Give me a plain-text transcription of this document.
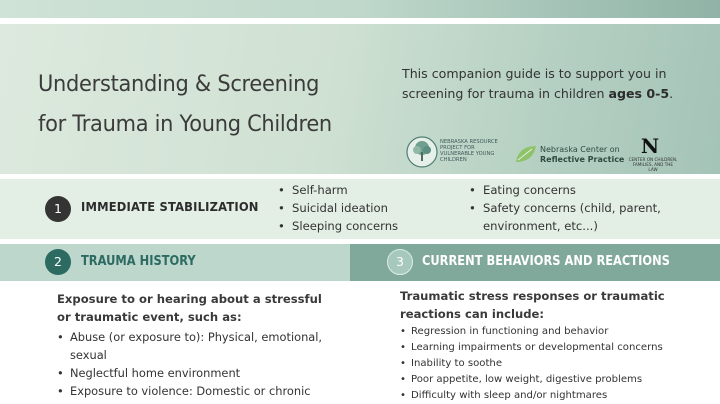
Understanding & Screening
for Trauma in Young Children
This companion guide is to support you in screening for trauma in children ages 0-5.
NEBRASKA RESOURCE PROJECT FOR VULNERABLE YOUNG CHILDREN
Nebraska Center on
Reflective Practice
N
CENTER ON CHILDREN, FAMILIES, AND THE LAW
1	IMMEDIATE STABILIZATION
• Self-harm
• Suicidal ideation
• Sleeping concerns
• Eating concerns
• Safety concerns (child, parent, environment, etc...)
2	TRAUMA HISTORY	3	CURRENT BEHAVIORS AND REACTIONS
Exposure to or hearing about a stressful or traumatic event, such as:
• Abuse (or exposure to): Physical, emotional, sexual
• Neglectful home environment
• Exposure to violence: Domestic or chronic
Traumatic stress responses or traumatic reactions can include:
• Regression in functioning and behavior
• Learning impairments or developmental concerns
• Inability to soothe
• Poor appetite, low weight, digestive problems
• Difficulty with sleep and/or nightmares
